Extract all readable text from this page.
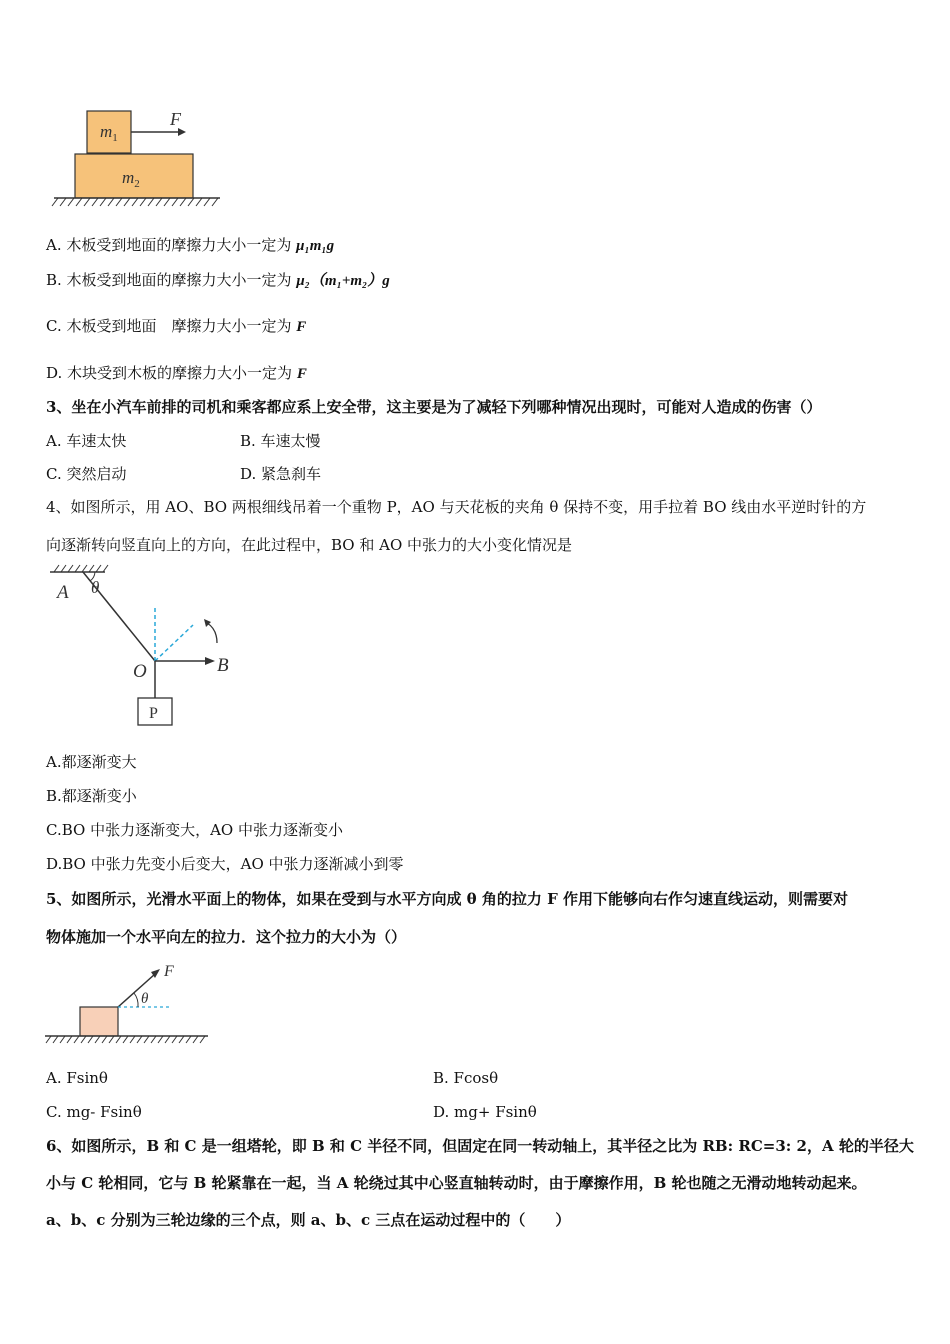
$m_1$
$m_2$
F
A. 木板受到地面的摩擦力大小一定为 μ₁m₁g
B. 木板受到地面的摩擦力大小一定为 μ₂（m₁+m₂）g
C. 木板受到地面　摩擦力大小一定为 F
D. 木块受到木板的摩擦力大小一定为 F
3、坐在小汽车前排的司机和乘客都应系上安全带，这主要是为了减轻下列哪种情况出现时，可能对人造成的伤害（）
A. 车速太快	B. 车速太慢
C. 突然启动	D. 紧急刹车
4、如图所示，用 AO、BO 两根细线吊着一个重物 P，AO 与天花板的夹角 θ 保持不变，用手拉着 BO 线由水平逆时针的方
向逐渐转向竖直向上的方向，在此过程中，BO 和 AO 中张力的大小变化情况是
A θ
B
O
P
A.都逐渐变大
B.都逐渐变小
C.BO 中张力逐渐变大，AO 中张力逐渐变小
D.BO 中张力先变小后变大，AO 中张力逐渐减小到零
5、如图所示，光滑水平面上的物体，如果在受到与水平方向成 θ 角的拉力 F 作用下能够向右作匀速直线运动，则需要对
物体施加一个水平向左的拉力．这个拉力的大小为（）
F
θ
A. Fsinθ	B. Fcosθ
C. mg- Fsinθ	D. mg+ Fsinθ
6、如图所示，B 和 C 是一组塔轮，即 B 和 C 半径不同，但固定在同一转动轴上，其半径之比为 RB: RC=3: 2，A 轮的半径大
小与 C 轮相同，它与 B 轮紧靠在一起，当 A 轮绕过其中心竖直轴转动时，由于摩擦作用，B 轮也随之无滑动地转动起来。
a、b、c 分别为三轮边缘的三个点，则 a、b、c 三点在运动过程中的（　　）
